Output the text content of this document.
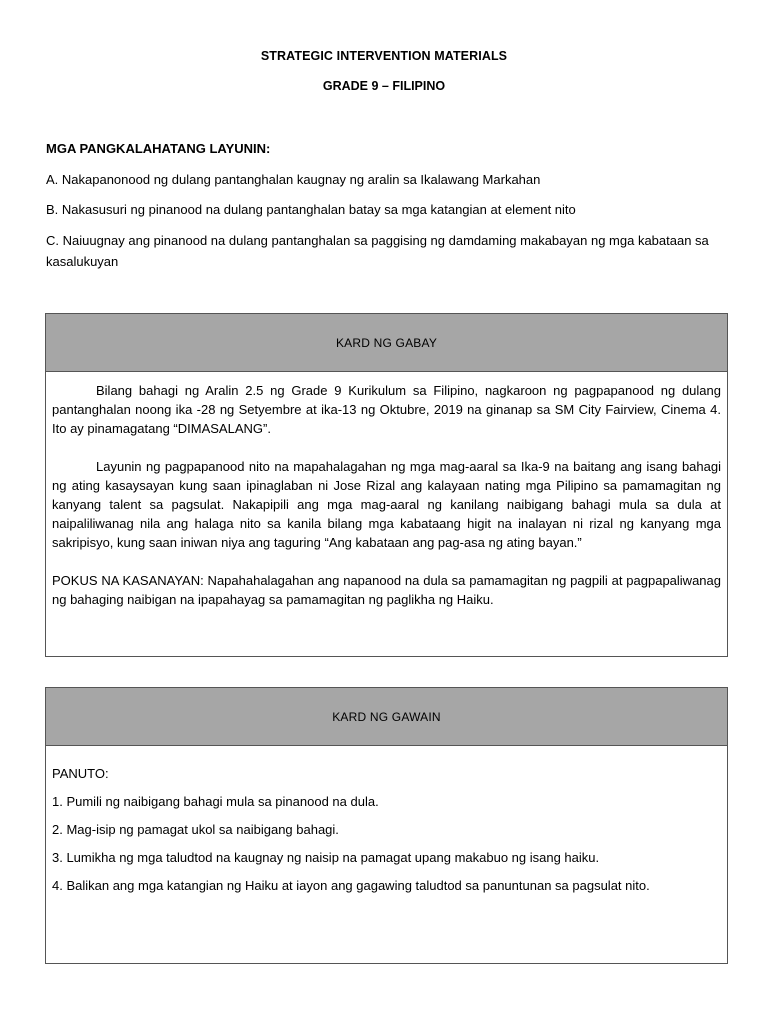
STRATEGIC INTERVENTION MATERIALS
GRADE 9 – FILIPINO
MGA PANGKALAHATANG LAYUNIN:
A. Nakapanonood ng dulang pantanghalan kaugnay ng aralin sa Ikalawang Markahan
B. Nakasusuri ng pinanood na dulang pantanghalan batay sa mga katangian at element nito
C. Naiuugnay ang pinanood na dulang pantanghalan sa paggising ng damdaming makabayan ng mga kabataan sa kasalukuyan
KARD NG GABAY

Bilang bahagi ng Aralin 2.5 ng Grade 9 Kurikulum sa Filipino, nagkaroon ng pagpapanood ng dulang pantanghalan noong ika -28 ng Setyembre at ika-13 ng Oktubre, 2019 na ginanap sa SM City Fairview, Cinema 4. Ito ay pinamagatang “DIMASALANG”.

Layunin ng pagpapanood nito na mapahalagahan ng mga mag-aaral sa Ika-9 na baitang ang isang bahagi ng ating kasaysayan kung saan ipinaglaban ni Jose Rizal ang kalayaan nating mga Pilipino sa pamamagitan ng kanyang talent sa pagsulat. Nakapipili ang mga mag-aaral ng kanilang naibigang bahagi mula sa dula at naipaliliwanag nila ang halaga nito sa kanila bilang mga kabataang higit na inalayan ni rizal ng kanyang mga sakripisyo, kung saan iniwan niya ang taguring “Ang kabataan ang pag-asa ng ating bayan.”

POKUS NA KASANAYAN: Napahahalagahan ang napanood na dula sa pamamagitan ng pagpili at pagpapaliwanag ng bahaging naibigan na ipapahayag sa pamamagitan ng paglikha ng Haiku.

KARD NG GAWAIN

PANUTO:

1. Pumili ng naibigang bahagi mula sa pinanood na dula.

2. Mag-isip ng pamagat ukol sa naibigang bahagi.

3. Lumikha ng mga taludtod na kaugnay ng naisip na pamagat upang makabuo ng isang haiku.

4. Balikan ang mga katangian ng Haiku at iayon ang gagawing taludtod sa panuntunan sa pagsulat nito.
